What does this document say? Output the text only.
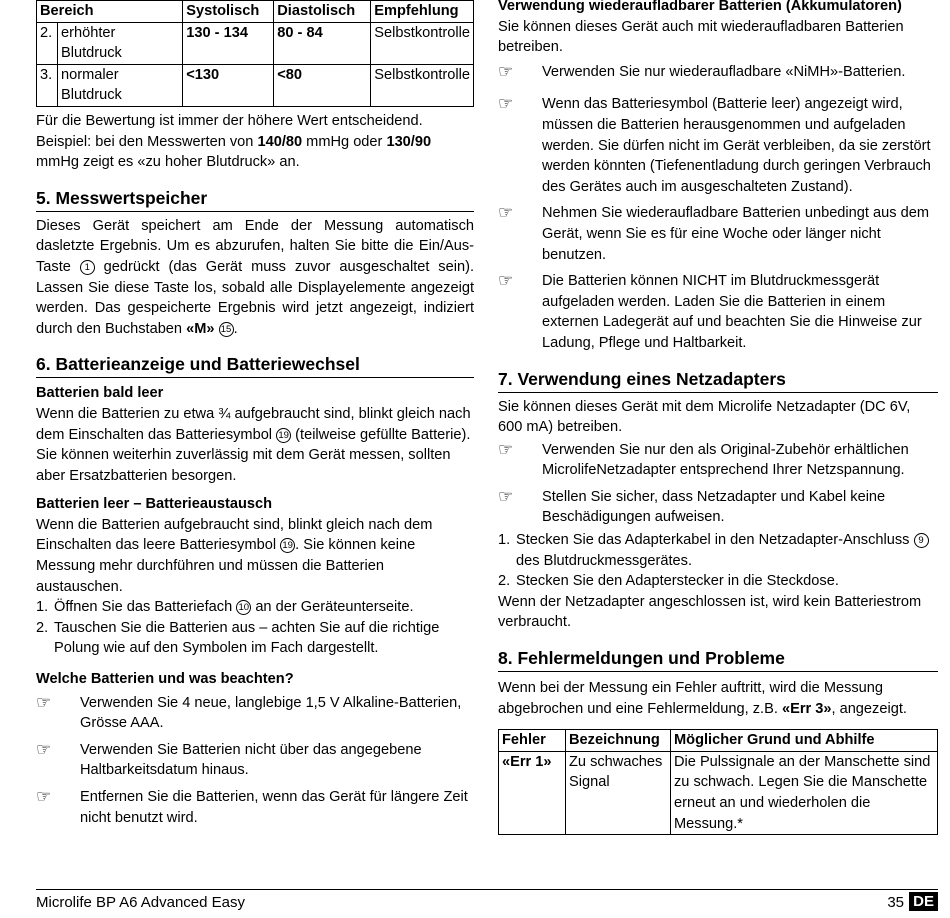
Bereich		Systolisch	Diastolisch	Empfehlung
2.	erhöhter Blutdruck	130 - 134	80 - 84	Selbstkontrolle
3.	normaler Blutdruck	<130	<80	Selbstkontrolle

Für die Bewertung ist immer der höhere Wert entscheidend.
Beispiel: bei den Messwerten von 140/80 mmHg oder 130/90
mmHg zeigt es «zu hoher Blutdruck» an.

5. Messwertspeicher

Dieses Gerät speichert am Ende der Messung automatisch dasletzte Ergebnis. Um es abzurufen, halten Sie bitte die Ein/Aus-Taste 1 gedrückt (das Gerät muss zuvor ausgeschaltet sein). Lassen Sie diese Taste los, sobald alle Displayelemente angezeigt werden. Das gespeicherte Ergebnis wird jetzt angezeigt, indiziert durch den Buchstaben «M» 15 .

6. Batterieanzeige und Batteriewechsel

Batterien bald leer

Wenn die Batterien zu etwa ¾ aufgebraucht sind, blinkt gleich nach dem Einschalten das Batteriesymbol 19 (teilweise gefüllte Batterie). Sie können weiterhin zuverlässig mit dem Gerät messen, sollten aber Ersatzbatterien besorgen.

Batterien leer – Batterieaustausch

Wenn die Batterien aufgebraucht sind, blinkt gleich nach dem Einschalten das leere Batteriesymbol 19 . Sie können keine Messung mehr durchführen und müssen die Batterien austauschen.

1. Öffnen Sie das Batteriefach 10 an der Geräteunterseite.

2. Tauschen Sie die Batterien aus – achten Sie auf die richtige Polung wie auf den Symbolen im Fach dargestellt.

Welche Batterien und was beachten?

☞	Verwenden Sie 4 neue, langlebige 1,5 V Alkaline-Batterien, Grösse AAA.
☞	Verwenden Sie Batterien nicht über das angegebene Haltbarkeitsdatum hinaus.
☞	Entfernen Sie die Batterien, wenn das Gerät für längere Zeit nicht benutzt wird.

Verwendung wiederaufladbarer Batterien (Akkumulatoren)

Sie können dieses Gerät auch mit wiederaufladbaren Batterien betreiben.

☞	Verwenden Sie nur wiederaufladbare «NiMH»-Batterien.
☞	Wenn das Batteriesymbol (Batterie leer) angezeigt wird, müssen die Batterien herausgenommen und aufgeladen werden. Sie dürfen nicht im Gerät verbleiben, da sie zerstört werden könnten (Tiefenentladung durch geringen Verbrauch des Gerätes auch im ausgeschalteten Zustand).
☞	Nehmen Sie wiederaufladbare Batterien unbedingt aus dem Gerät, wenn Sie es für eine Woche oder länger nicht benutzen.
☞	Die Batterien können NICHT im Blutdruckmessgerät aufgeladen werden. Laden Sie die Batterien in einem externen Ladegerät auf und beachten Sie die Hinweise zur Ladung, Pflege und Haltbarkeit.
7. Verwendung eines Netzadapters

Sie können dieses Gerät mit dem Microlife Netzadapter (DC 6V, 600 mA) betreiben.

☞	Verwenden Sie nur den als Original-Zubehör erhältlichen MicrolifeNetzadapter entsprechend Ihrer Netzspannung.
☞	Stellen Sie sicher, dass Netzadapter und Kabel keine Beschädigungen aufweisen.

1. Stecken Sie das Adapterkabel in den Netzadapter-Anschluss 9 des Blutdruckmessgerätes.

2. Stecken Sie den Adapterstecker in die Steckdose.

Wenn der Netzadapter angeschlossen ist, wird kein Batteriestrom verbraucht.

8. Fehlermeldungen und Probleme

Wenn bei der Messung ein Fehler auftritt, wird die Messung abgebrochen und eine Fehlermeldung, z.B. «Err 3», angezeigt.

Fehler	Bezeichnung	Möglicher Grund und Abhilfe
«Err 1»	Zu schwaches Signal	Die Pulssignale an der Manschette sind zu schwach. Legen Sie die Manschette erneut an und wiederholen die Messung.*
Microlife BP A6 Advanced Easy	35 DE
